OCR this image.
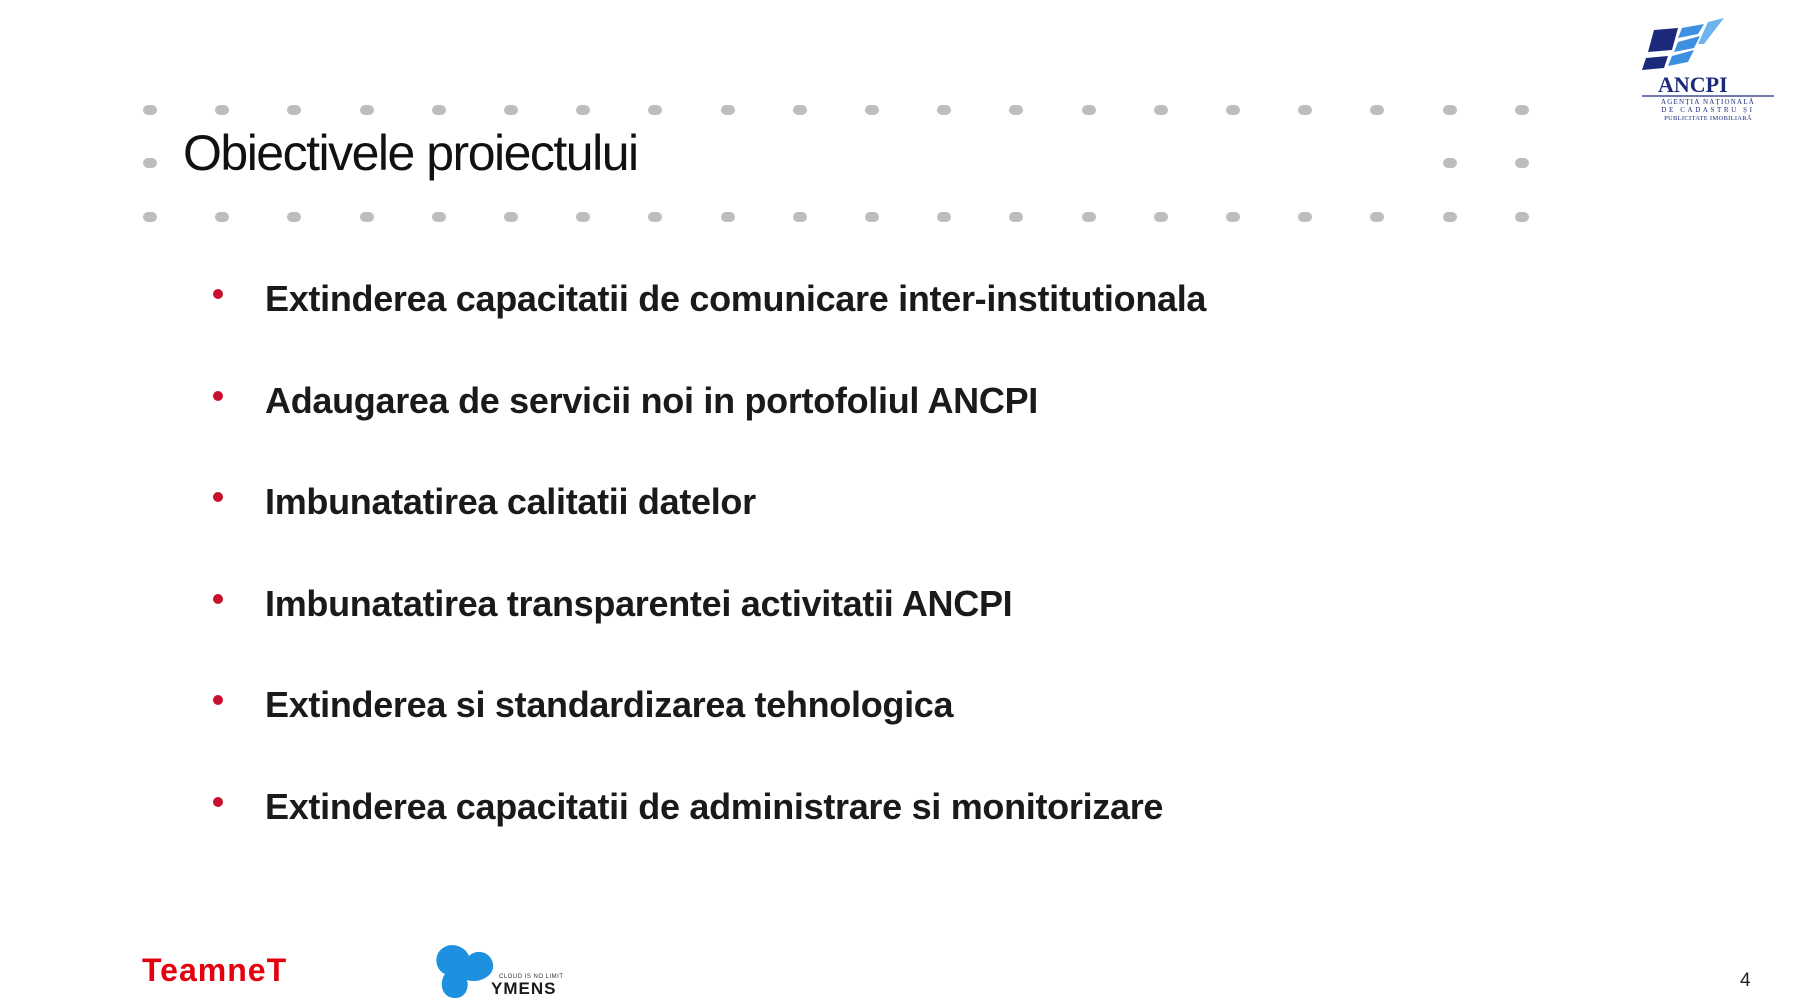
Obiectivele proiectului
Extinderea capacitatii de comunicare inter-institutionala
Adaugarea de servicii noi in portofoliul ANCPI
Imbunatatirea calitatii datelor
Imbunatatirea transparentei activitatii ANCPI
Extinderea si standardizarea tehnologica
Extinderea capacitatii de administrare si monitorizare
ANCPI
AGENȚIA NAȚIONALĂ
DE CADASTRU ȘI
PUBLICITATE IMOBILIARĂ
TeamneT	CLOUD IS NO LIMIT
YMENS	4
